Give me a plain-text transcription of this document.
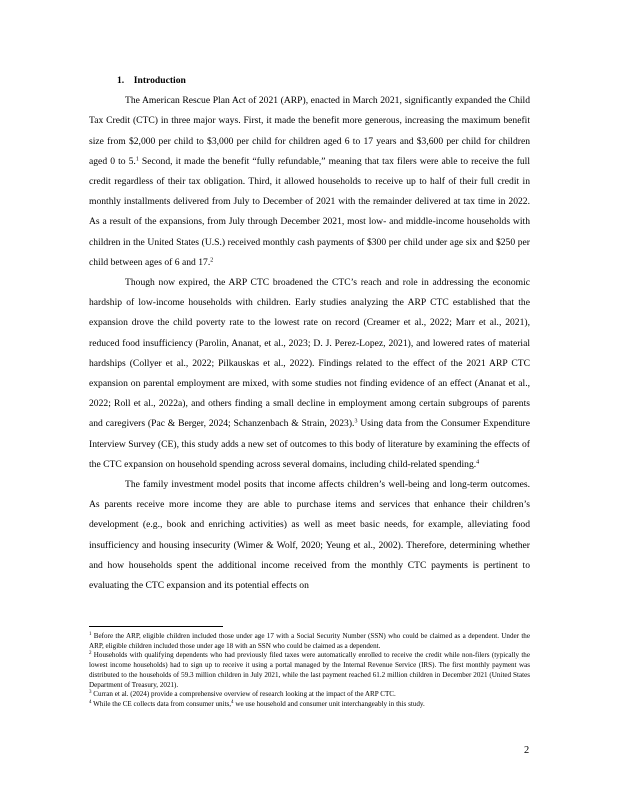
1.    Introduction

The American Rescue Plan Act of 2021 (ARP), enacted in March 2021, significantly expanded the Child Tax Credit (CTC) in three major ways. First, it made the benefit more generous, increasing the maximum benefit size from $2,000 per child to $3,000 per child for children aged 6 to 17 years and $3,600 per child for children aged 0 to 5.$^1$ Second, it made the benefit “fully refundable,” meaning that tax filers were able to receive the full credit regardless of their tax obligation. Third, it allowed households to receive up to half of their full credit in monthly installments delivered from July to December of 2021 with the remainder delivered at tax time in 2022. As a result of the expansions, from July through December 2021, most low- and middle-income households with children in the United States (U.S.) received monthly cash payments of $300 per child under age six and $250 per child between ages of 6 and 17.$^2$

Though now expired, the ARP CTC broadened the CTC’s reach and role in addressing the economic hardship of low-income households with children. Early studies analyzing the ARP CTC established that the expansion drove the child poverty rate to the lowest rate on record (Creamer et al., 2022; Marr et al., 2021), reduced food insufficiency (Parolin, Ananat, et al., 2023; D. J. Perez-Lopez, 2021), and lowered rates of material hardships (Collyer et al., 2022; Pilkauskas et al., 2022). Findings related to the effect of the 2021 ARP CTC expansion on parental employment are mixed, with some studies not finding evidence of an effect (Ananat et al., 2022; Roll et al., 2022a), and others finding a small decline in employment among certain subgroups of parents and caregivers (Pac & Berger, 2024; Schanzenbach & Strain, 2023).$^3$ Using data from the Consumer Expenditure Interview Survey (CE), this study adds a new set of outcomes to this body of literature by examining the effects of the CTC expansion on household spending across several domains, including child-related spending.$^4$

The family investment model posits that income affects children’s well-being and long-term outcomes. As parents receive more income they are able to purchase items and services that enhance their children’s development (e.g., book and enriching activities) as well as meet basic needs, for example, alleviating food insufficiency and housing insecurity (Wimer & Wolf, 2020; Yeung et al., 2002). Therefore, determining whether and how households spent the additional income received from the monthly CTC payments is pertinent to evaluating the CTC expansion and its potential effects on

$^1$ Before the ARP, eligible children included those under age 17 with a Social Security Number (SSN) who could be claimed as a dependent. Under the ARP, eligible children included those under age 18 with an SSN who could be claimed as a dependent.

$^2$ Households with qualifying dependents who had previously filed taxes were automatically enrolled to receive the credit while non-filers (typically the lowest income households) had to sign up to receive it using a portal managed by the Internal Revenue Service (IRS). The first monthly payment was distributed to the households of 59.3 million children in July 2021, while the last payment reached 61.2 million children in December 2021 (United States Department of Treasury, 2021).

$^3$ Curran et al. (2024) provide a comprehensive overview of research looking at the impact of the ARP CTC.

$^4$ While the CE collects data from consumer units,$^4$ we use household and consumer unit interchangeably in this study.

2
